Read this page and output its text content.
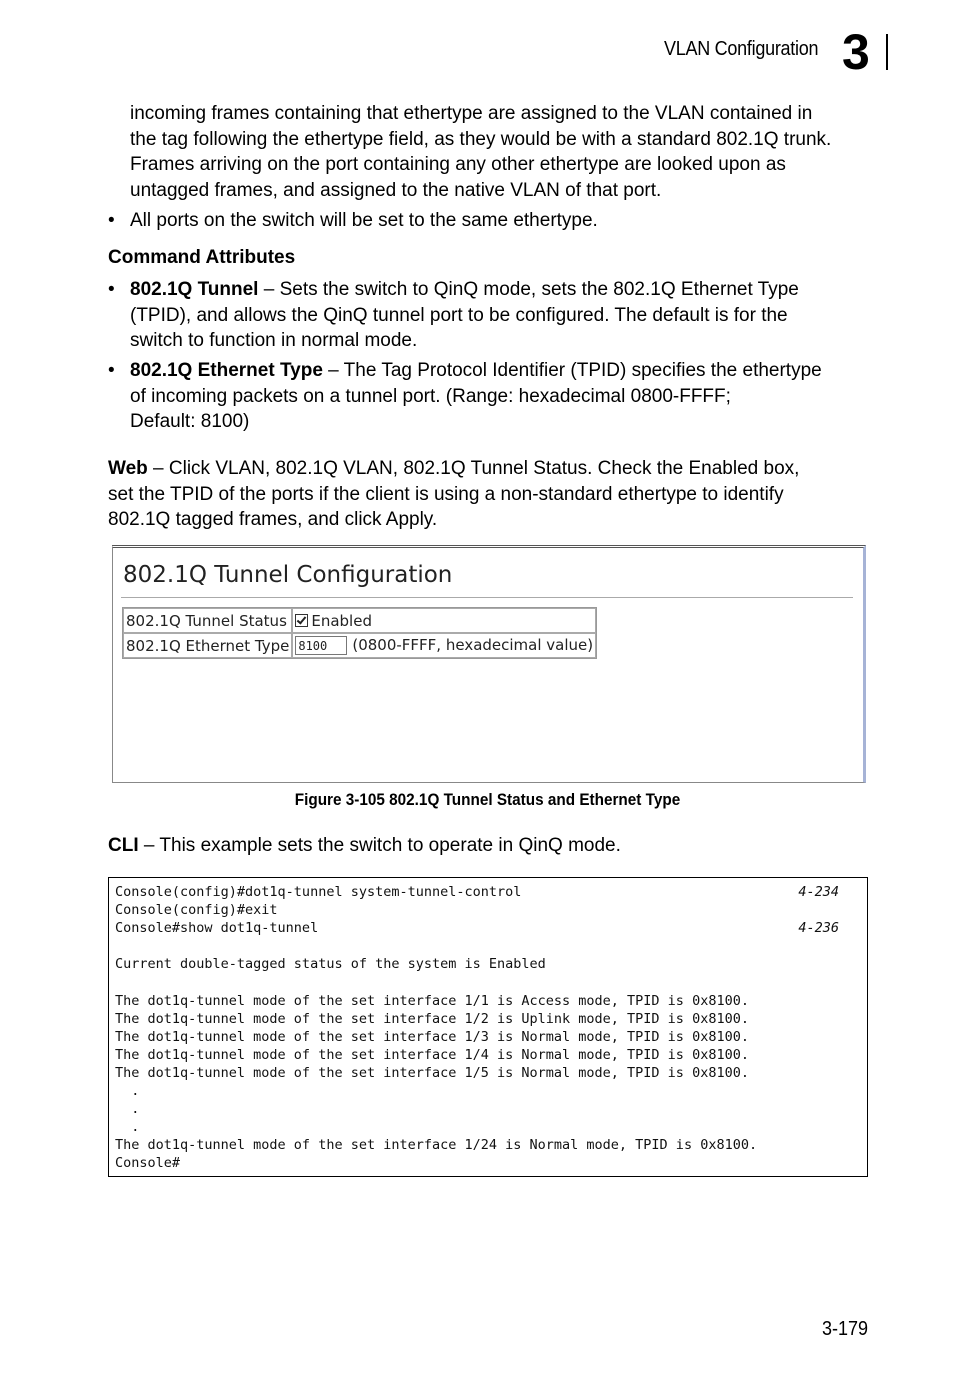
VLAN Configuration 3
incoming frames containing that ethertype are assigned to the VLAN contained in
the tag following the ethertype field, as they would be with a standard 802.1Q trunk.
Frames arriving on the port containing any other ethertype are looked upon as
untagged frames, and assigned to the native VLAN of that port.
• All ports on the switch will be set to the same ethertype.
Command Attributes
• 802.1Q Tunnel – Sets the switch to QinQ mode, sets the 802.1Q Ethernet Type
(TPID), and allows the QinQ tunnel port to be configured. The default is for the
switch to function in normal mode.
• 802.1Q Ethernet Type – The Tag Protocol Identifier (TPID) specifies the ethertype
of incoming packets on a tunnel port. (Range: hexadecimal 0800-FFFF;
Default: 8100)
Web – Click VLAN, 802.1Q VLAN, 802.1Q Tunnel Status. Check the Enabled box,
set the TPID of the ports if the client is using a non-standard ethertype to identify
802.1Q tagged frames, and click Apply.
802.1Q Tunnel Configuration
802.1Q Tunnel Status	Enabled
802.1Q Ethernet Type	8100 (0800-FFFF, hexadecimal value)
Figure 3-105 802.1Q Tunnel Status and Ethernet Type
CLI – This example sets the switch to operate in QinQ mode.
Console(config)#dot1q-tunnel system-tunnel-control	4-234
Console(config)#exit
Console#show dot1q-tunnel	4-236
Current double-tagged status of the system is Enabled
The dot1q-tunnel mode of the set interface 1/1 is Access mode, TPID is 0x8100.
The dot1q-tunnel mode of the set interface 1/2 is Uplink mode, TPID is 0x8100.
The dot1q-tunnel mode of the set interface 1/3 is Normal mode, TPID is 0x8100.
The dot1q-tunnel mode of the set interface 1/4 is Normal mode, TPID is 0x8100.
The dot1q-tunnel mode of the set interface 1/5 is Normal mode, TPID is 0x8100.
.
.
.
The dot1q-tunnel mode of the set interface 1/24 is Normal mode, TPID is 0x8100.
Console#
3-179
